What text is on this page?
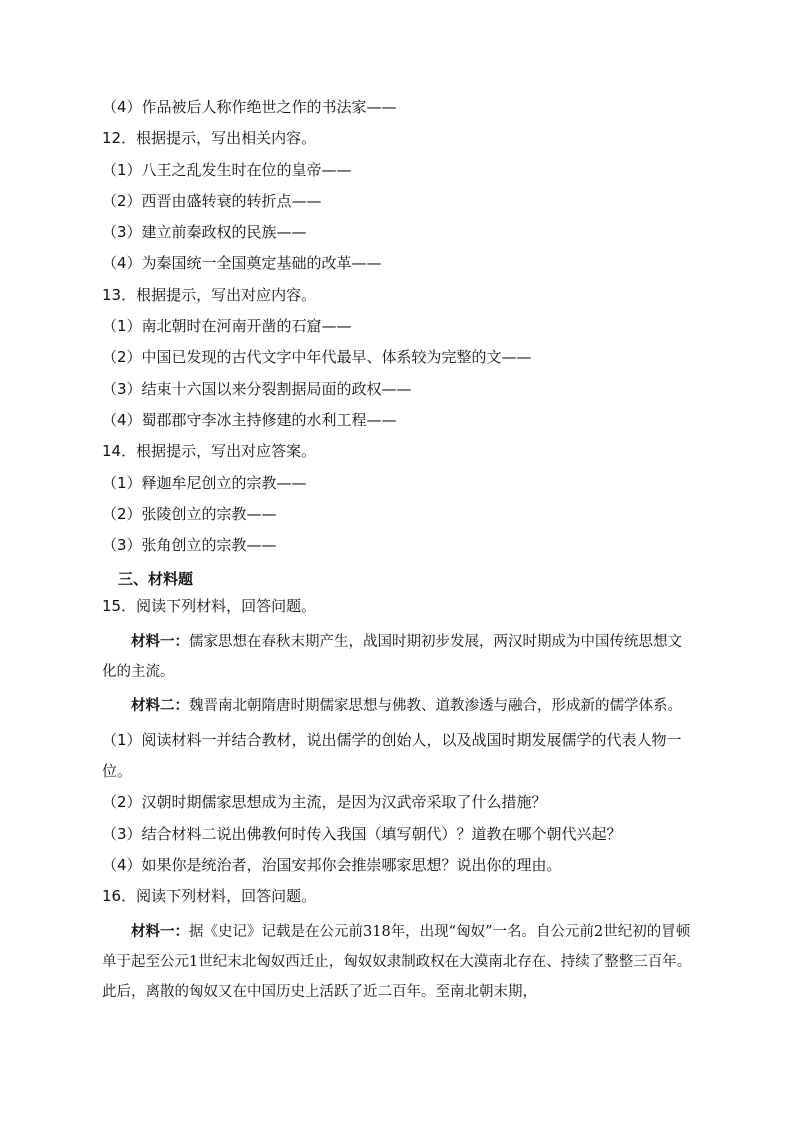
（4）作品被后人称作绝世之作的书法家——
12．根据提示，写出相关内容。
（1）八王之乱发生时在位的皇帝——
（2）西晋由盛转衰的转折点——
（3）建立前秦政权的民族——
（4）为秦国统一全国奠定基础的改革——
13．根据提示，写出对应内容。
（1）南北朝时在河南开凿的石窟——
（2）中国已发现的古代文字中年代最早、体系较为完整的文——
（3）结束十六国以来分裂割据局面的政权——
（4）蜀郡郡守李冰主持修建的水利工程——
14．根据提示，写出对应答案。
（1）释迦牟尼创立的宗教——
（2）张陵创立的宗教——
（3）张角创立的宗教——
三、材料题
15．阅读下列材料，回答问题。
材料一：儒家思想在春秋末期产生，战国时期初步发展，两汉时期成为中国传统思想文化的主流。
材料二：魏晋南北朝隋唐时期儒家思想与佛教、道教渗透与融合，形成新的儒学体系。
（1）阅读材料一并结合教材，说出儒学的创始人，以及战国时期发展儒学的代表人物一位。
（2）汉朝时期儒家思想成为主流，是因为汉武帝采取了什么措施？
（3）结合材料二说出佛教何时传入我国（填写朝代）？道教在哪个朝代兴起？
（4）如果你是统治者，治国安邦你会推崇哪家思想？说出你的理由。
16．阅读下列材料，回答问题。
材料一：据《史记》记载是在公元前318年，出现“匈奴”一名。自公元前2世纪初的冒顿单于起至公元1世纪末北匈奴西迁止，匈奴奴隶制政权在大漠南北存在、持续了整整三百年。此后，离散的匈奴又在中国历史上活跃了近二百年。至南北朝末期，
